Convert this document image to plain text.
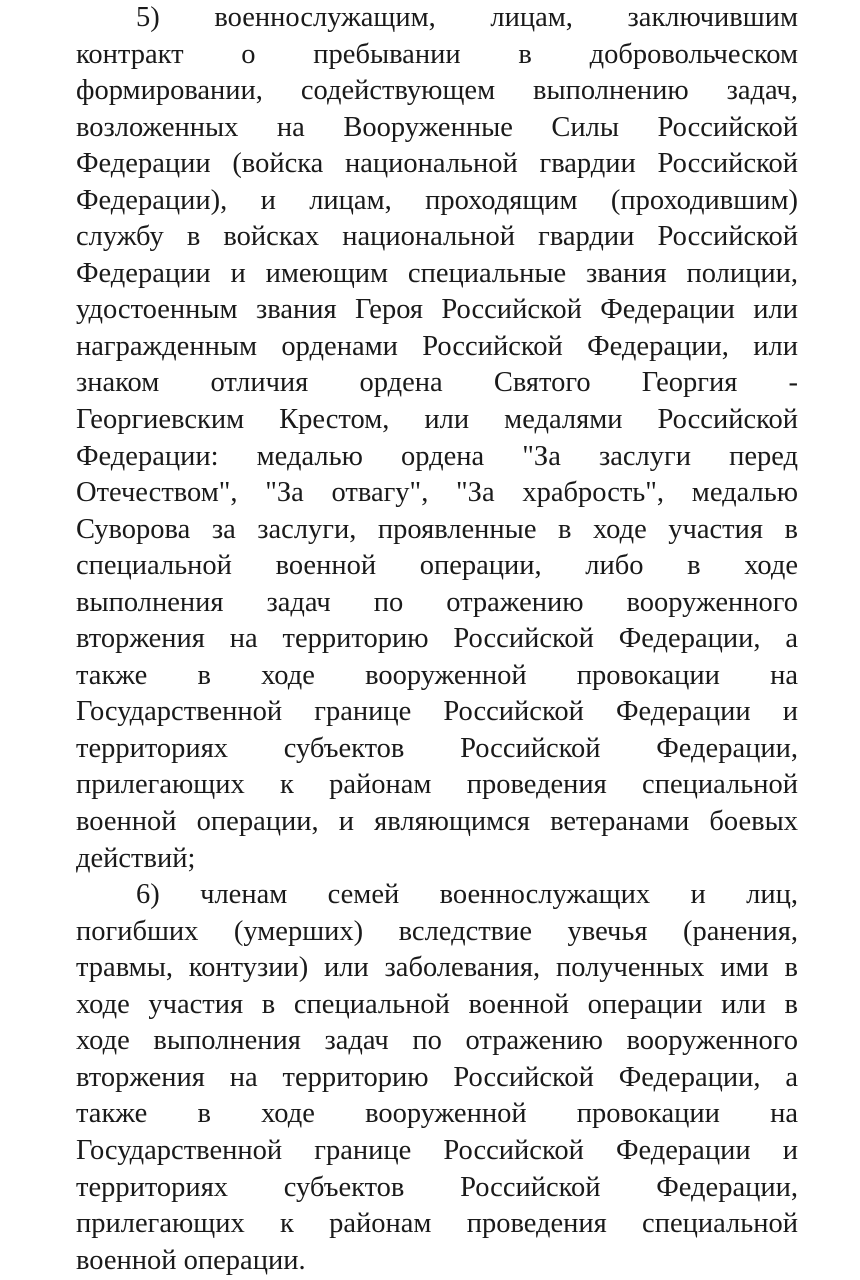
5) военнослужащим, лицам, заключившим
контракт о пребывании в добровольческом
формировании, содействующем выполнению задач,
возложенных на Вооруженные Силы Российской
Федерации (войска национальной гвардии Российской
Федерации), и лицам, проходящим (проходившим)
службу в войсках национальной гвардии Российской
Федерации и имеющим специальные звания полиции,
удостоенным звания Героя Российской Федерации или
награжденным орденами Российской Федерации, или
знаком отличия ордена Святого Георгия -
Георгиевским Крестом, или медалями Российской
Федерации: медалью ордена "За заслуги перед
Отечеством", "За отвагу", "За храбрость", медалью
Суворова за заслуги, проявленные в ходе участия в
специальной военной операции, либо в ходе
выполнения задач по отражению вооруженного
вторжения на территорию Российской Федерации, а
также в ходе вооруженной провокации на
Государственной границе Российской Федерации и
территориях субъектов Российской Федерации,
прилегающих к районам проведения специальной
военной операции, и являющимся ветеранами боевых
действий;
6) членам семей военнослужащих и лиц,
погибших (умерших) вследствие увечья (ранения,
травмы, контузии) или заболевания, полученных ими в
ходе участия в специальной военной операции или в
ходе выполнения задач по отражению вооруженного
вторжения на территорию Российской Федерации, а
также в ходе вооруженной провокации на
Государственной границе Российской Федерации и
территориях субъектов Российской Федерации,
прилегающих к районам проведения специальной
военной операции.
